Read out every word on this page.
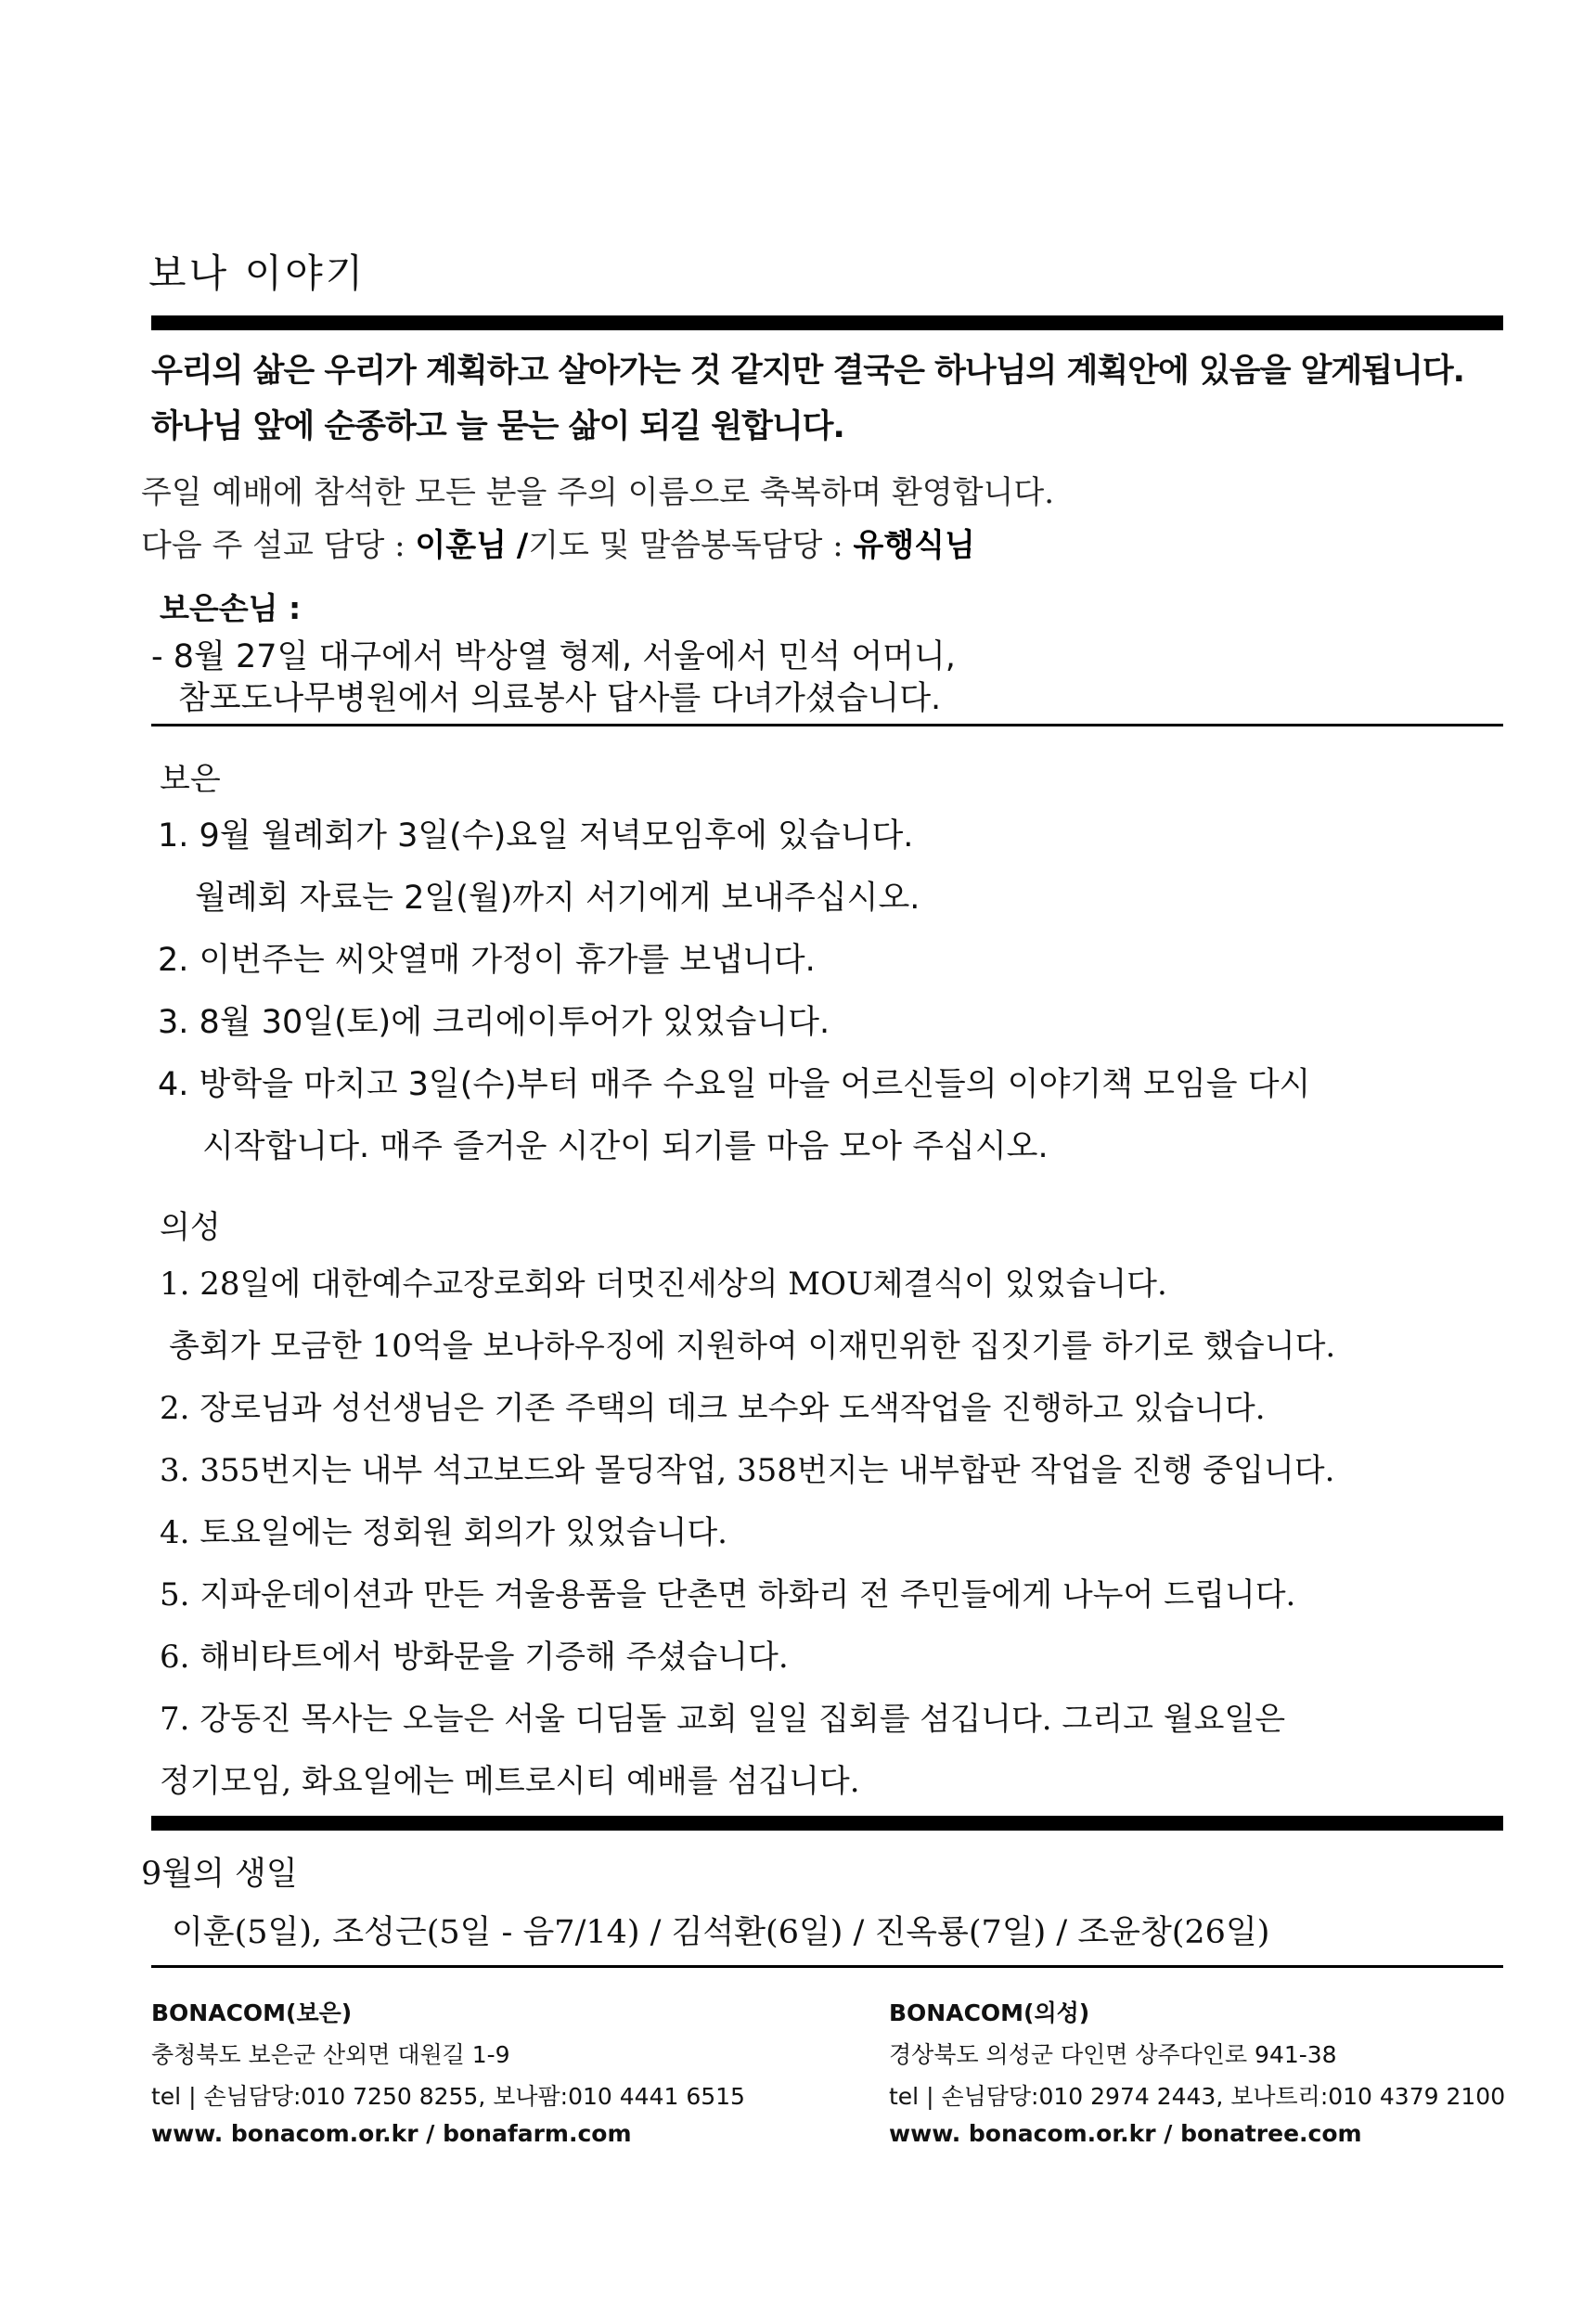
보나 이야기
우리의 삶은 우리가 계획하고 살아가는 것 같지만 결국은 하나님의 계획안에 있음을 알게됩니다.
하나님 앞에 순종하고 늘 묻는 삶이 되길 원합니다.
주일 예배에 참석한 모든 분을 주의 이름으로 축복하며 환영합니다.
다음 주 설교 담당 : 이훈님 /기도 및 말씀봉독담당 : 유행식님
보은손님 :
- 8월 27일 대구에서 박상열 형제, 서울에서 민석 어머니,
참포도나무병원에서 의료봉사 답사를 다녀가셨습니다.
보은
1. 9월 월례회가 3일(수)요일 저녁모임후에 있습니다.
월례회 자료는 2일(월)까지 서기에게 보내주십시오.
2. 이번주는 씨앗열매 가정이 휴가를 보냅니다.
3. 8월 30일(토)에 크리에이투어가 있었습니다.
4. 방학을 마치고 3일(수)부터 매주 수요일 마을 어르신들의 이야기책 모임을 다시
시작합니다. 매주 즐거운 시간이 되기를 마음 모아 주십시오.
의성
1. 28일에 대한예수교장로회와 더멋진세상의 MOU체결식이 있었습니다.
총회가 모금한 10억을 보나하우징에 지원하여 이재민위한 집짓기를 하기로 했습니다.
2. 장로님과 성선생님은 기존 주택의 데크 보수와 도색작업을 진행하고 있습니다.
3. 355번지는 내부 석고보드와 몰딩작업, 358번지는 내부합판 작업을 진행 중입니다.
4. 토요일에는 정회원 회의가 있었습니다.
5. 지파운데이션과 만든 겨울용품을 단촌면 하화리 전 주민들에게 나누어 드립니다.
6. 해비타트에서 방화문을 기증해 주셨습니다.
7. 강동진 목사는 오늘은 서울 디딤돌 교회 일일 집회를 섬깁니다. 그리고 월요일은
정기모임, 화요일에는 메트로시티 예배를 섬깁니다.
9월의 생일
이훈(5일), 조성근(5일 - 음7/14) / 김석환(6일) / 진옥룡(7일) / 조윤창(26일)
BONACOM(보은)
충청북도 보은군 산외면 대원길 1-9
tel | 손님담당:010 7250 8255, 보나팜:010 4441 6515
www. bonacom.or.kr / bonafarm.com
BONACOM(의성)
경상북도 의성군 다인면 상주다인로 941-38
tel | 손님담당:010 2974 2443, 보나트리:010 4379 2100
www. bonacom.or.kr / bonatree.com
